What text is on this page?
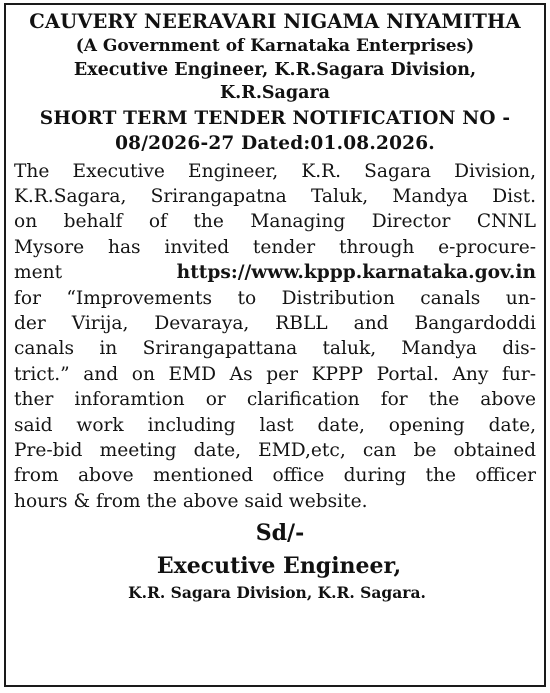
CAUVERY NEERAVARI NIGAMA NIYAMITHA
(A Government of Karnataka Enterprises)
Executive Engineer, K.R.Sagara Division,
K.R.Sagara
SHORT TERM TENDER NOTIFICATION NO -
08/2026-27 Dated:01.08.2026.
The Executive Engineer, K.R. Sagara Division,
K.R.Sagara, Srirangapatna Taluk, Mandya Dist.
on behalf of the Managing Director CNNL
Mysore has invited tender through e-procure-
ment	https://www.kppp.karnataka.gov.in
for “Improvements to Distribution canals un-
der Virija, Devaraya, RBLL and Bangardoddi
canals in Srirangapattana taluk, Mandya dis-
trict.” and on EMD As per KPPP Portal. Any fur-
ther inforamtion or clarification for the above
said work including last date, opening date,
Pre-bid meeting date, EMD,etc, can be obtained
from above mentioned office during the officer
hours & from the above said website.
Sd/-
Executive Engineer,
K.R. Sagara Division, K.R. Sagara.
